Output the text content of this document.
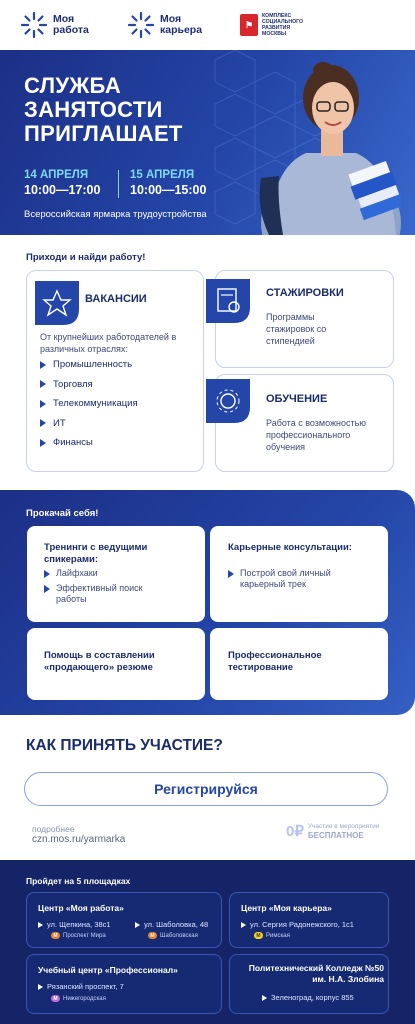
Моя работа
Моя карьера	⚑
КОМПЛЕКС СОЦИАЛЬНОГО РАЗВИТИЯ МОСКВЫ
СЛУЖБА ЗАНЯТОСТИ ПРИГЛАШАЕТ
14 АПРЕЛЯ
10:00—17:00
15 АПРЕЛЯ
10:00—15:00
Всероссийская ярмарка трудоустройства
Приходи и найди работу!
ВАКАНСИИ
От крупнейших работодателей в различных отраслях:
Промышленность
Торговля
Телекоммуникация
ИТ
Финансы
СТАЖИРОВКИ
Программы стажировок со стипендией
ОБУЧЕНИЕ
Работа с возможностью профессионального обучения
Прокачай себя!
Тренинги с ведущими спикерами:
Лайфхаки
Эффективный поиск работы
Карьерные консультации:
Построй свой личный карьерный трек
Помощь в составлении «продающего» резюме
Профессиональное тестирование
КАК ПРИНЯТЬ УЧАСТИЕ?
Регистрируйся
подробнее
czn.mos.ru/yarmarka	0₽ Участие в мероприятии
БЕСПЛАТНОЕ
Пройдет на 5 площадках
Центр «Моя работа»
ул. Щепкина, 38с1
M Проспект Мира
ул. Шаболовка, 48
M Шаболовская
Центр «Моя карьера»
ул. Сергия Радонежского, 1с1
M Римская
Учебный центр «Профессионал»
Рязанский проспект, 7
M Нижегородская
Политехнический Колледж №50 им. Н.А. Злобина
Зеленоград, корпус 855
